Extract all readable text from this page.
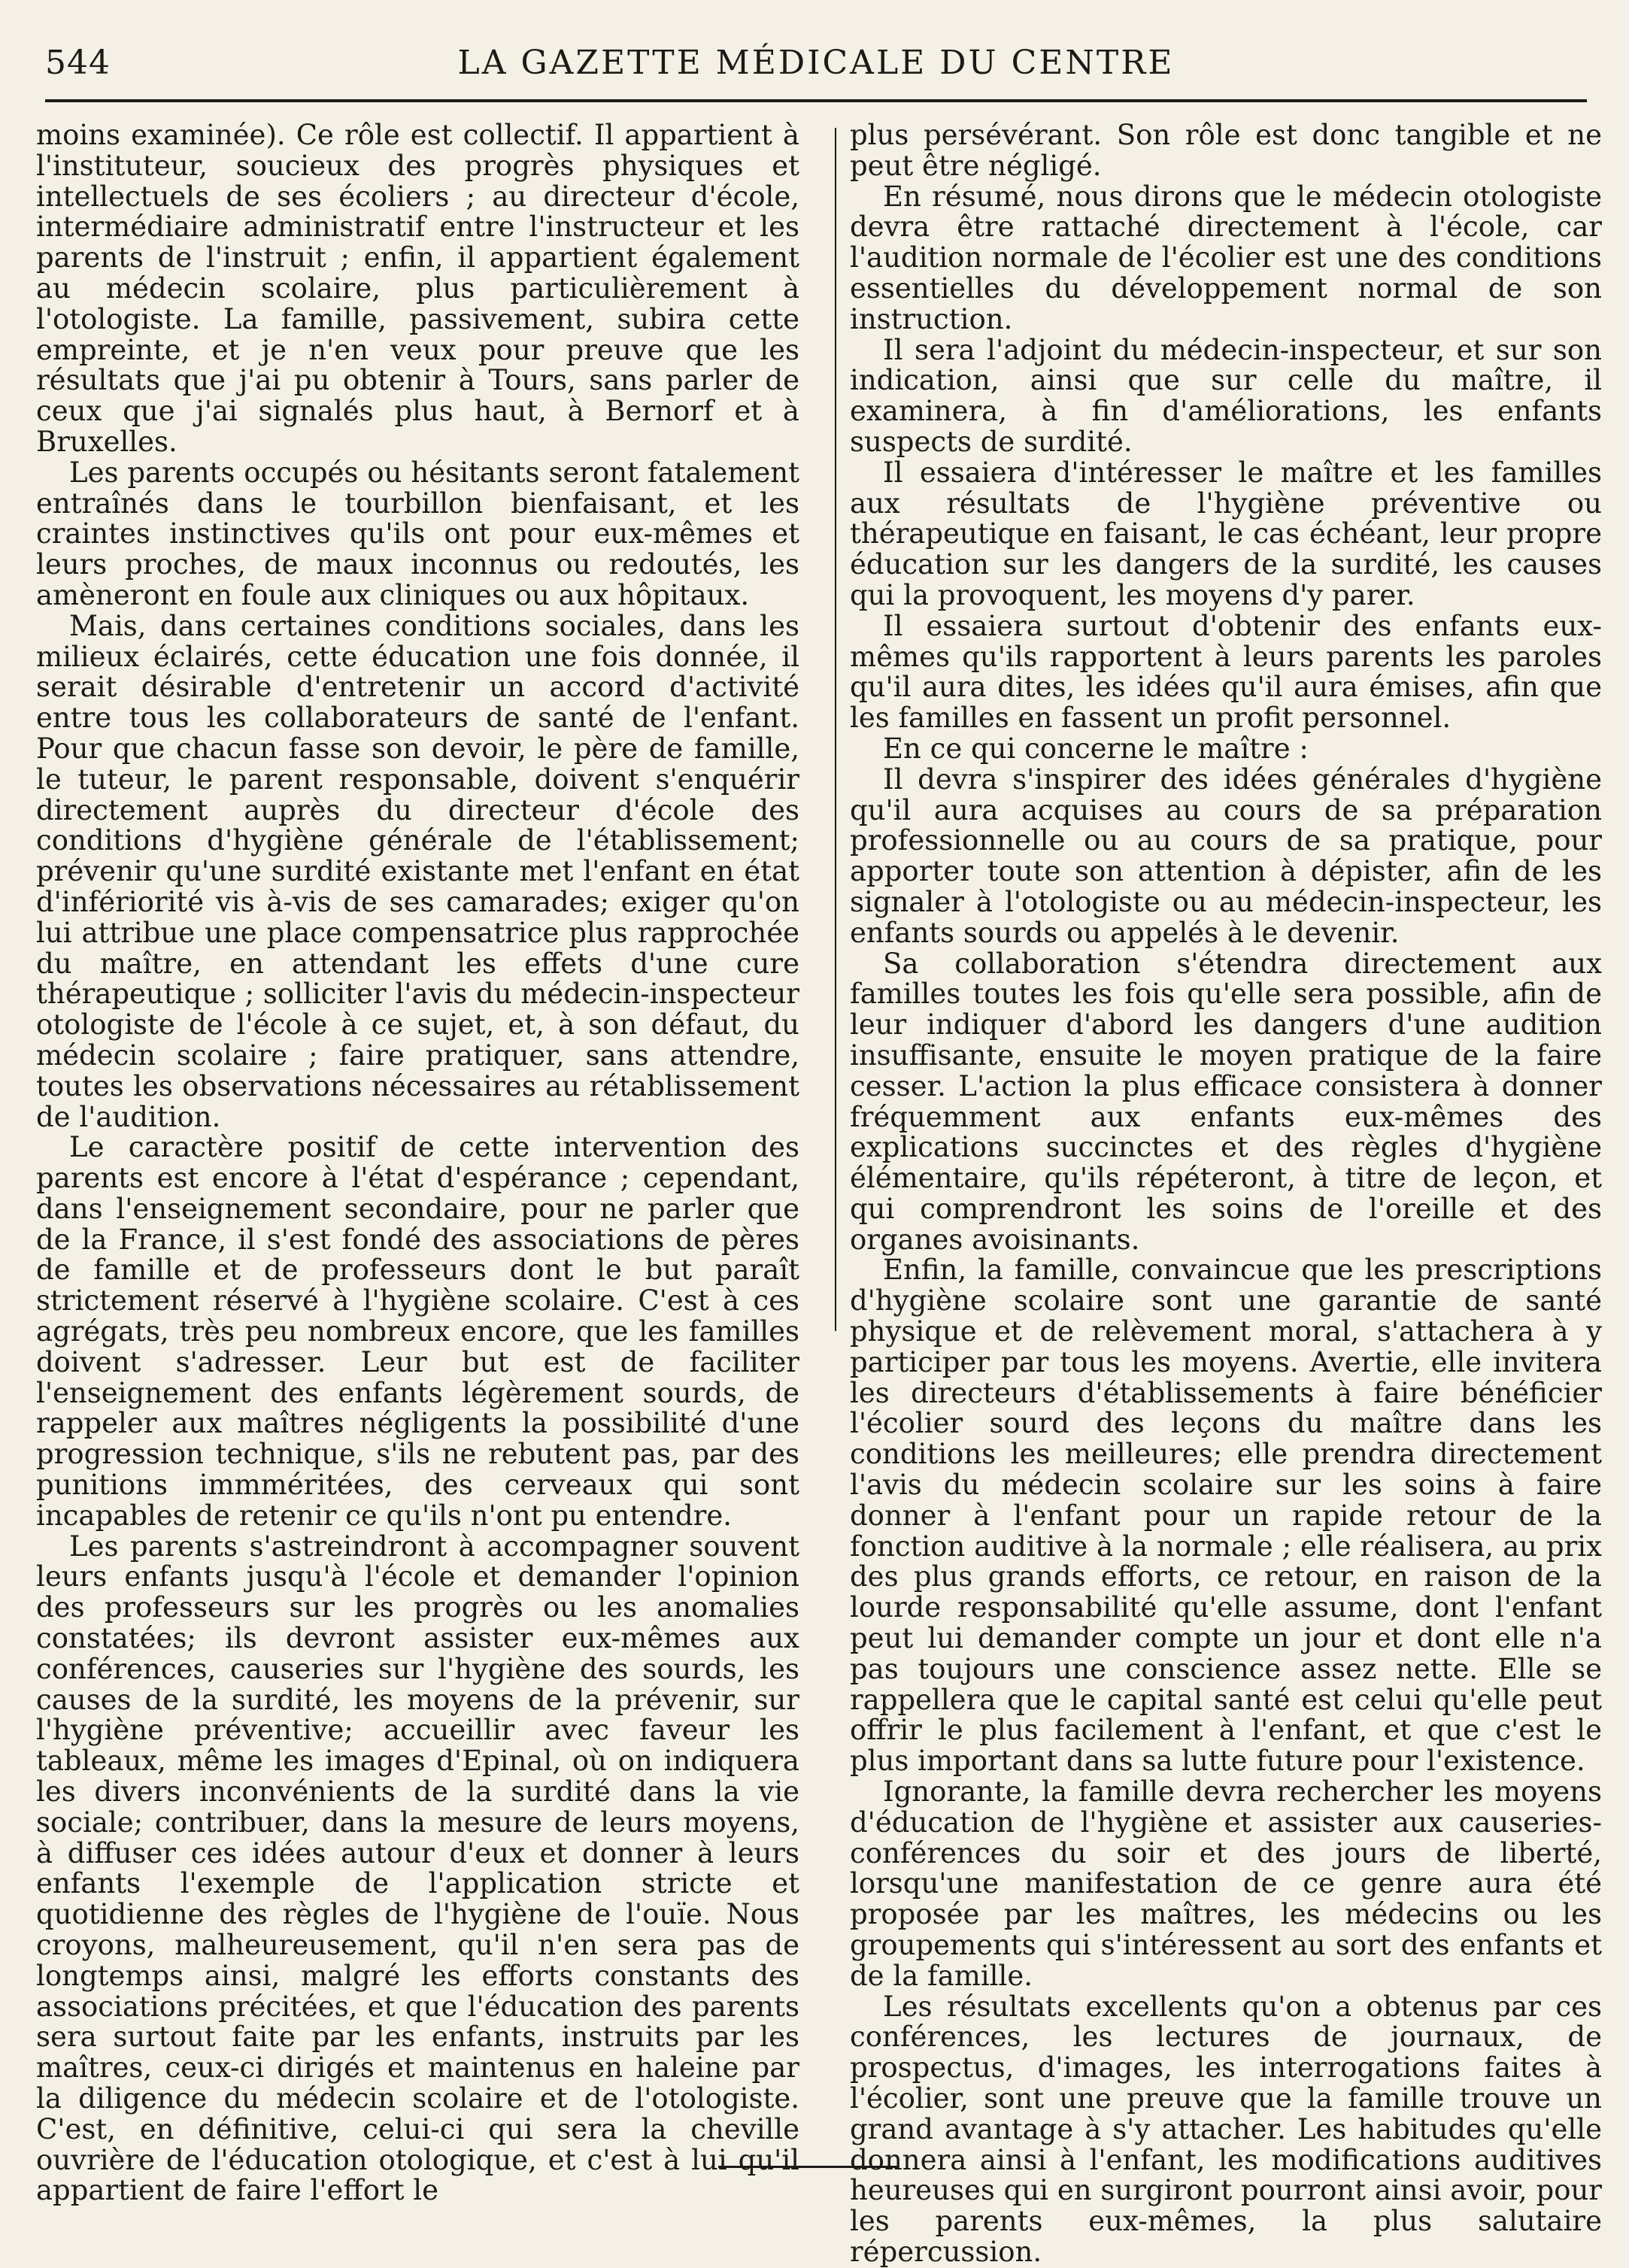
544	LA GAZETTE MÉDICALE DU CENTRE

moins examinée). Ce rôle est collectif. Il appartient à l'instituteur, soucieux des progrès physiques et intellectuels de ses écoliers ; au directeur d'école, intermédiaire administratif entre l'instructeur et les parents de l'instruit ; enfin, il appartient également au médecin scolaire, plus particulièrement à l'otologiste. La famille, passivement, subira cette empreinte, et je n'en veux pour preuve que les résultats que j'ai pu obtenir à Tours, sans parler de ceux que j'ai signalés plus haut, à Bernorf et à Bruxelles.

Les parents occupés ou hésitants seront fatalement entraînés dans le tourbillon bienfaisant, et les craintes instinctives qu'ils ont pour eux-mêmes et leurs proches, de maux inconnus ou redoutés, les amèneront en foule aux cliniques ou aux hôpitaux.

Mais, dans certaines conditions sociales, dans les milieux éclairés, cette éducation une fois donnée, il serait désirable d'entretenir un accord d'activité entre tous les collaborateurs de santé de l'enfant. Pour que chacun fasse son devoir, le père de famille, le tuteur, le parent responsable, doivent s'enquérir directement auprès du directeur d'école des conditions d'hygiène générale de l'établissement; prévenir qu'une surdité existante met l'enfant en état d'infériorité vis à-vis de ses camarades; exiger qu'on lui attribue une place compensatrice plus rapprochée du maître, en attendant les effets d'une cure thérapeutique ; solliciter l'avis du médecin-inspecteur otologiste de l'école à ce sujet, et, à son défaut, du médecin scolaire ; faire pratiquer, sans attendre, toutes les observations nécessaires au rétablissement de l'audition.

Le caractère positif de cette intervention des parents est encore à l'état d'espérance ; cependant, dans l'enseignement secondaire, pour ne parler que de la France, il s'est fondé des associations de pères de famille et de professeurs dont le but paraît strictement réservé à l'hygiène scolaire. C'est à ces agrégats, très peu nombreux encore, que les familles doivent s'adresser. Leur but est de faciliter l'enseignement des enfants légèrement sourds, de rappeler aux maîtres négligents la possibilité d'une progression technique, s'ils ne rebutent pas, par des punitions immméritées, des cerveaux qui sont incapables de retenir ce qu'ils n'ont pu entendre.

Les parents s'astreindront à accompagner souvent leurs enfants jusqu'à l'école et demander l'opinion des professeurs sur les progrès ou les anomalies constatées; ils devront assister eux-mêmes aux conférences, causeries sur l'hygiène des sourds, les causes de la surdité, les moyens de la prévenir, sur l'hygiène préventive; accueillir avec faveur les tableaux, même les images d'Epinal, où on indiquera les divers inconvénients de la surdité dans la vie sociale; contribuer, dans la mesure de leurs moyens, à diffuser ces idées autour d'eux et donner à leurs enfants l'exemple de l'application stricte et quotidienne des règles de l'hygiène de l'ouïe. Nous croyons, malheureusement, qu'il n'en sera pas de longtemps ainsi, malgré les efforts constants des associations précitées, et que l'éducation des parents sera surtout faite par les enfants, instruits par les maîtres, ceux-ci dirigés et maintenus en haleine par la diligence du médecin scolaire et de l'otologiste. C'est, en définitive, celui-ci qui sera la cheville ouvrière de l'éducation otologique, et c'est à lui qu'il appartient de faire l'effort le

plus persévérant. Son rôle est donc tangible et ne peut être négligé.

En résumé, nous dirons que le médecin otologiste devra être rattaché directement à l'école, car l'audition normale de l'écolier est une des conditions essentielles du développement normal de son instruction.

Il sera l'adjoint du médecin-inspecteur, et sur son indication, ainsi que sur celle du maître, il examinera, à fin d'améliorations, les enfants suspects de surdité.

Il essaiera d'intéresser le maître et les familles aux résultats de l'hygiène préventive ou thérapeutique en faisant, le cas échéant, leur propre éducation sur les dangers de la surdité, les causes qui la provoquent, les moyens d'y parer.

Il essaiera surtout d'obtenir des enfants eux-mêmes qu'ils rapportent à leurs parents les paroles qu'il aura dites, les idées qu'il aura émises, afin que les familles en fassent un profit personnel.

En ce qui concerne le maître :

Il devra s'inspirer des idées générales d'hygiène qu'il aura acquises au cours de sa préparation professionnelle ou au cours de sa pratique, pour apporter toute son attention à dépister, afin de les signaler à l'otologiste ou au médecin-inspecteur, les enfants sourds ou appelés à le devenir.

Sa collaboration s'étendra directement aux familles toutes les fois qu'elle sera possible, afin de leur indiquer d'abord les dangers d'une audition insuffisante, ensuite le moyen pratique de la faire cesser. L'action la plus efficace consistera à donner fréquemment aux enfants eux-mêmes des explications succinctes et des règles d'hygiène élémentaire, qu'ils répéteront, à titre de leçon, et qui comprendront les soins de l'oreille et des organes avoisinants.

Enfin, la famille, convaincue que les prescriptions d'hygiène scolaire sont une garantie de santé physique et de relèvement moral, s'attachera à y participer par tous les moyens. Avertie, elle invitera les directeurs d'établissements à faire bénéficier l'écolier sourd des leçons du maître dans les conditions les meilleures; elle prendra directement l'avis du médecin scolaire sur les soins à faire donner à l'enfant pour un rapide retour de la fonction auditive à la normale ; elle réalisera, au prix des plus grands efforts, ce retour, en raison de la lourde responsabilité qu'elle assume, dont l'enfant peut lui demander compte un jour et dont elle n'a pas toujours une conscience assez nette. Elle se rappellera que le capital santé est celui qu'elle peut offrir le plus facilement à l'enfant, et que c'est le plus important dans sa lutte future pour l'existence.

Ignorante, la famille devra rechercher les moyens d'éducation de l'hygiène et assister aux causeries-conférences du soir et des jours de liberté, lorsqu'une manifestation de ce genre aura été proposée par les maîtres, les médecins ou les groupements qui s'intéressent au sort des enfants et de la famille.

Les résultats excellents qu'on a obtenus par ces conférences, les lectures de journaux, de prospectus, d'images, les interrogations faites à l'écolier, sont une preuve que la famille trouve un grand avantage à s'y attacher. Les habitudes qu'elle donnera ainsi à l'enfant, les modifications auditives heureuses qui en surgiront pourront ainsi avoir, pour les parents eux-mêmes, la plus salutaire répercussion.
